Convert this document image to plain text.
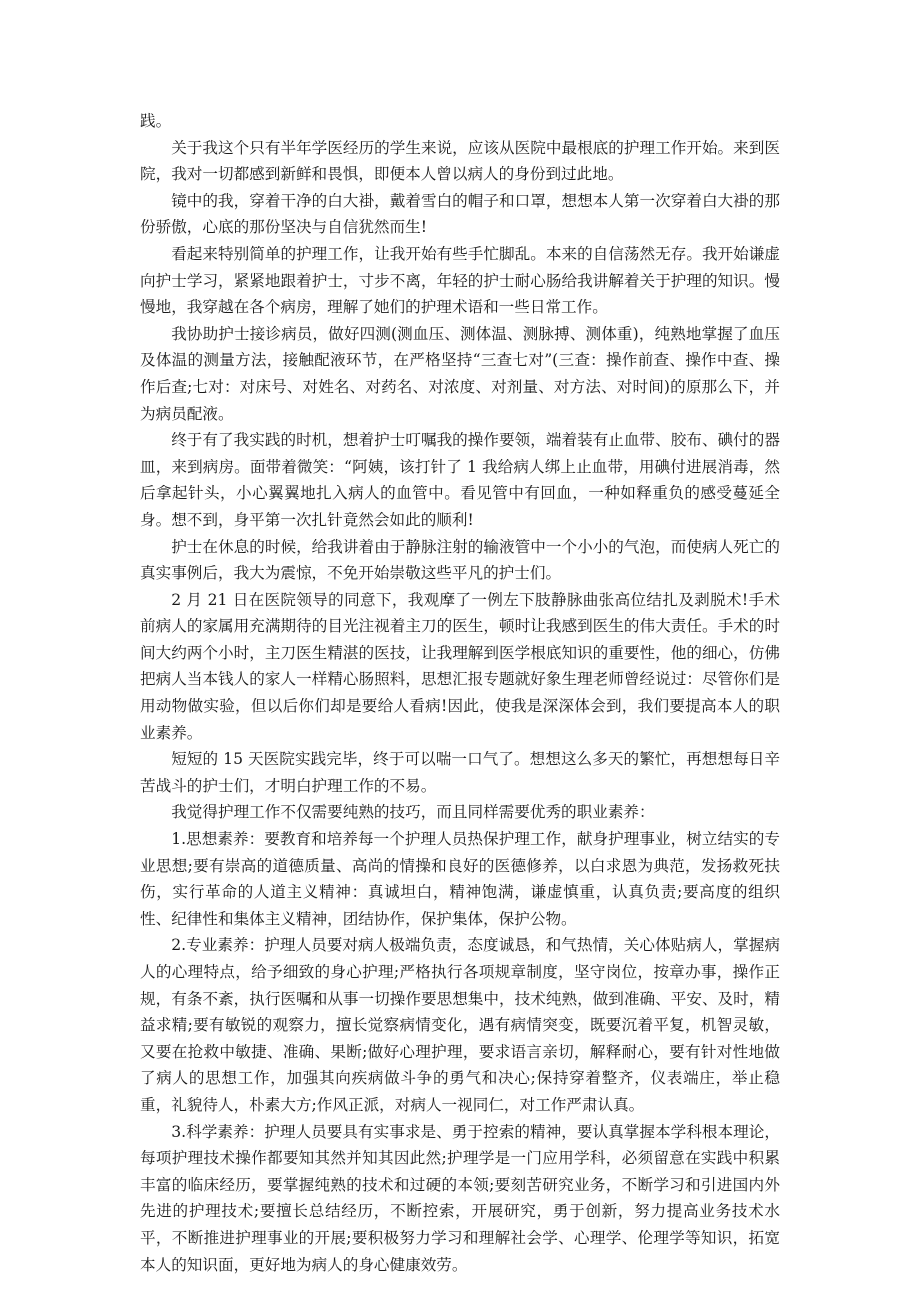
践。

关于我这个只有半年学医经历的学生来说，应该从医院中最根底的护理工作开始。来到医院，我对一切都感到新鲜和畏惧，即便本人曾以病人的身份到过此地。

镜中的我，穿着干净的白大褂，戴着雪白的帽子和口罩，想想本人第一次穿着白大褂的那份骄傲，心底的那份坚决与自信犹然而生!

看起来特别简单的护理工作，让我开始有些手忙脚乱。本来的自信荡然无存。我开始谦虚向护士学习，紧紧地跟着护士，寸步不离，年轻的护士耐心肠给我讲解着关于护理的知识。慢慢地，我穿越在各个病房，理解了她们的护理术语和一些日常工作。

我协助护士接诊病员，做好四测(测血压、测体温、测脉搏、测体重)，纯熟地掌握了血压及体温的测量方法，接触配液环节，在严格坚持“三查七对”(三查：操作前查、操作中查、操作后查;七对：对床号、对姓名、对药名、对浓度、对剂量、对方法、对时间)的原那么下，并为病员配液。

终于有了我实践的时机，想着护士叮嘱我的操作要领，端着装有止血带、胶布、碘付的器皿，来到病房。面带着微笑：“阿姨，该打针了 1 我给病人绑上止血带，用碘付进展消毒，然后拿起针头，小心翼翼地扎入病人的血管中。看见管中有回血，一种如释重负的感受蔓延全身。想不到，身平第一次扎针竟然会如此的顺利!

护士在休息的时候，给我讲着由于静脉注射的输液管中一个小小的气泡，而使病人死亡的真实事例后，我大为震惊，不免开始崇敬这些平凡的护士们。

2 月 21 日在医院领导的同意下，我观摩了一例左下肢静脉曲张高位结扎及剥脱术!手术前病人的家属用充满期待的目光注视着主刀的医生，顿时让我感到医生的伟大责任。手术的时间大约两个小时，主刀医生精湛的医技，让我理解到医学根底知识的重要性，他的细心，仿佛把病人当本钱人的家人一样精心肠照料，思想汇报专题就好象生理老师曾经说过：尽管你们是用动物做实验，但以后你们却是要给人看病!因此，使我是深深体会到，我们要提高本人的职业素养。

短短的 15 天医院实践完毕，终于可以喘一口气了。想想这么多天的繁忙，再想想每日辛苦战斗的护士们，才明白护理工作的不易。

我觉得护理工作不仅需要纯熟的技巧，而且同样需要优秀的职业素养：

1.思想素养：要教育和培养每一个护理人员热保护理工作，献身护理事业，树立结实的专业思想;要有崇高的道德质量、高尚的情操和良好的医德修养，以白求恩为典范，发扬救死扶伤，实行革命的人道主义精神：真诚坦白，精神饱满，谦虚慎重，认真负责;要高度的组织性、纪律性和集体主义精神，团结协作，保护集体，保护公物。

2.专业素养：护理人员要对病人极端负责，态度诚恳，和气热情，关心体贴病人，掌握病人的心理特点，给予细致的身心护理;严格执行各项规章制度，坚守岗位，按章办事，操作正规，有条不紊，执行医嘱和从事一切操作要思想集中，技术纯熟，做到准确、平安、及时，精益求精;要有敏锐的观察力，擅长觉察病情变化，遇有病情突变，既要沉着平复，机智灵敏，又要在抢救中敏捷、准确、果断;做好心理护理，要求语言亲切，解释耐心，要有针对性地做了病人的思想工作，加强其向疾病做斗争的勇气和决心;保持穿着整齐，仪表端庄，举止稳重，礼貌待人，朴素大方;作风正派，对病人一视同仁，对工作严肃认真。

3.科学素养：护理人员要具有实事求是、勇于控索的精神，要认真掌握本学科根本理论，每项护理技术操作都要知其然并知其因此然;护理学是一门应用学科，必须留意在实践中积累丰富的临床经历，要掌握纯熟的技术和过硬的本领;要刻苦研究业务，不断学习和引进国内外先进的护理技术;要擅长总结经历，不断控索，开展研究，勇于创新，努力提高业务技术水平，不断推进护理事业的开展;要积极努力学习和理解社会学、心理学、伦理学等知识，拓宽本人的知识面，更好地为病人的身心健康效劳。
